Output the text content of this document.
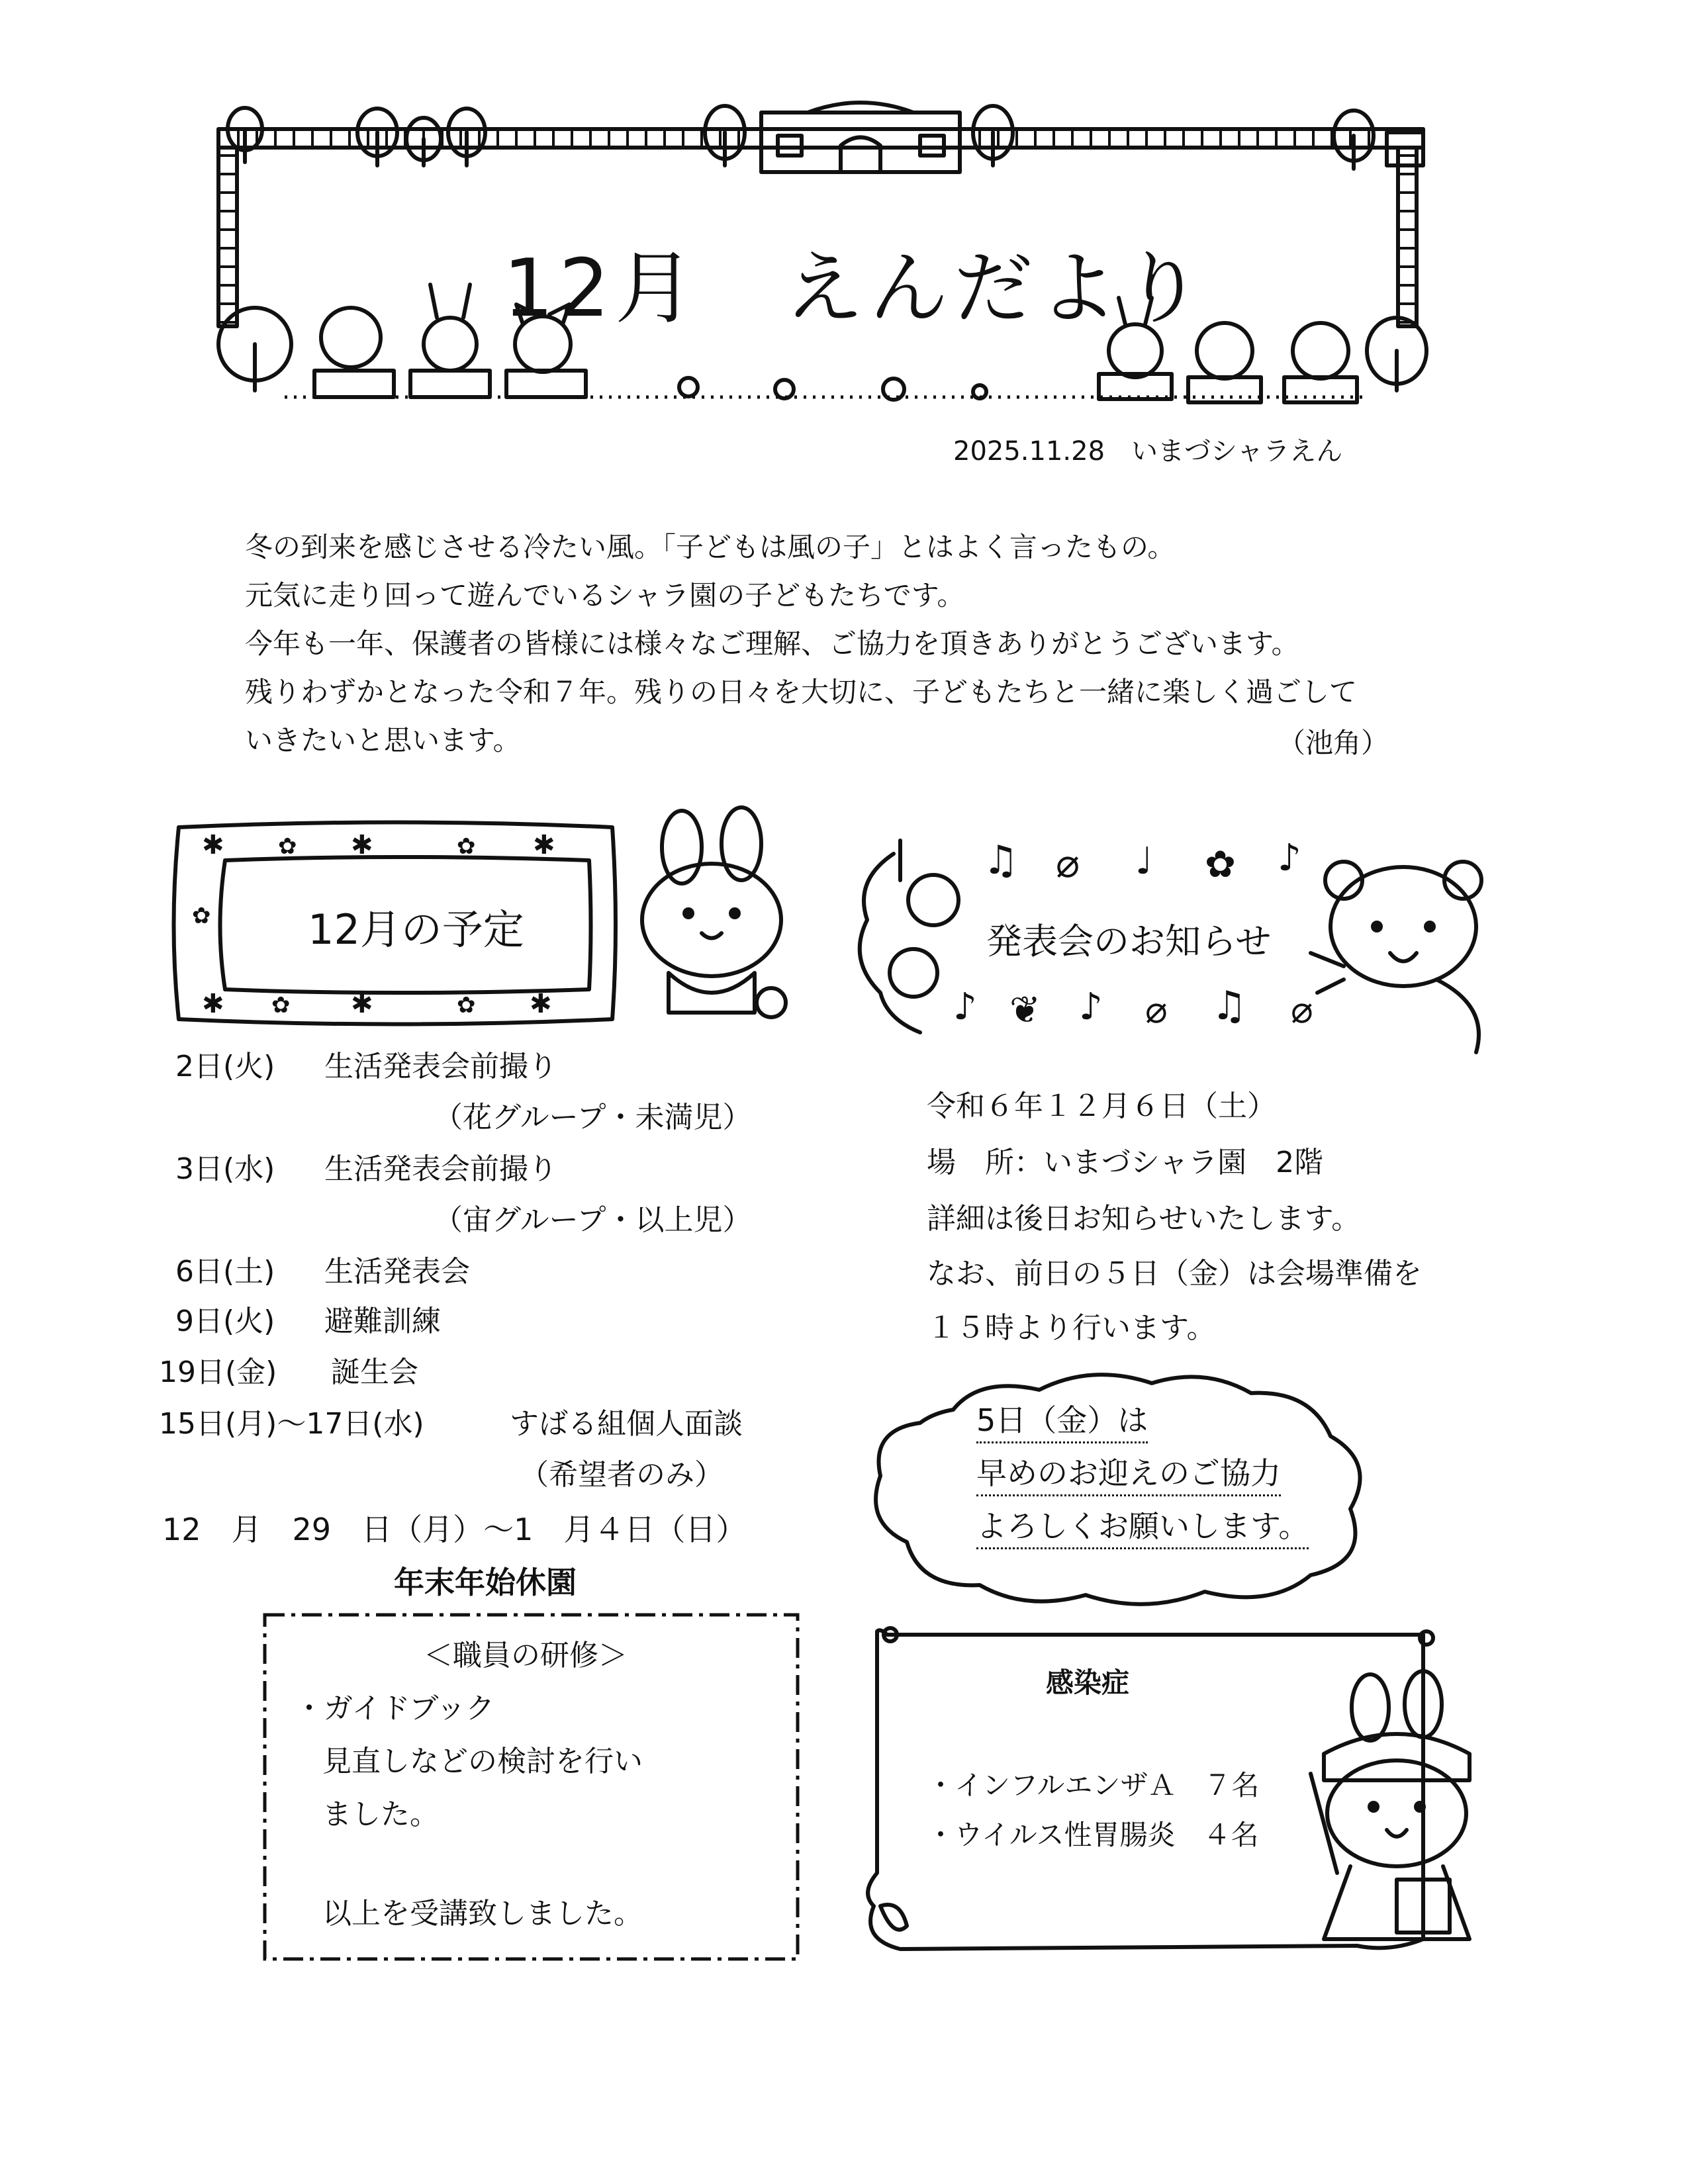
12月　えんだより
2025.11.28　いまづシャラえん
冬の到来を感じさせる冷たい風。「子どもは風の子」とはよく言ったもの。
元気に走り回って遊んでいるシャラ園の子どもたちです。
今年も一年、保護者の皆様には様々なご理解、ご協力を頂きありがとうございます。
残りわずかとなった令和７年。残りの日々を大切に、子どもたちと一緒に楽しく過ごして
いきたいと思います。	（池角）
✱ ✿ ✱	✿ ✱
✿
✱ ✿ ✱	✿ ✱
12月の予定
2日(火) 生活発表会前撮り
（花グループ・未満児）
3日(水) 生活発表会前撮り
（宙グループ・以上児）
6日(土) 生活発表会
9日(火) 避難訓練
19日(金) 誕生会
15日(月)～17日(水)	すばる組個人面談
（希望者のみ）
12　月　29　日（月）～1　月４日（日）
年末年始休園
♫ ⌀ ♩ ✿ ♪
♪ ❦ ♪ ⌀ ♫ ⌀
発表会のお知らせ
令和６年１２月６日（土）
場　所：いまづシャラ園　2階
詳細は後日お知らせいたします。
なお、前日の５日（金）は会場準備を
１５時より行います。
5日（金）は
早めのお迎えのご協力
よろしくお願いします。
＜職員の研修＞
・ガイドブック
見直しなどの検討を行い
ました。
以上を受講致しました。
感染症
・インフルエンザＡ　７名
・ウイルス性胃腸炎　４名
